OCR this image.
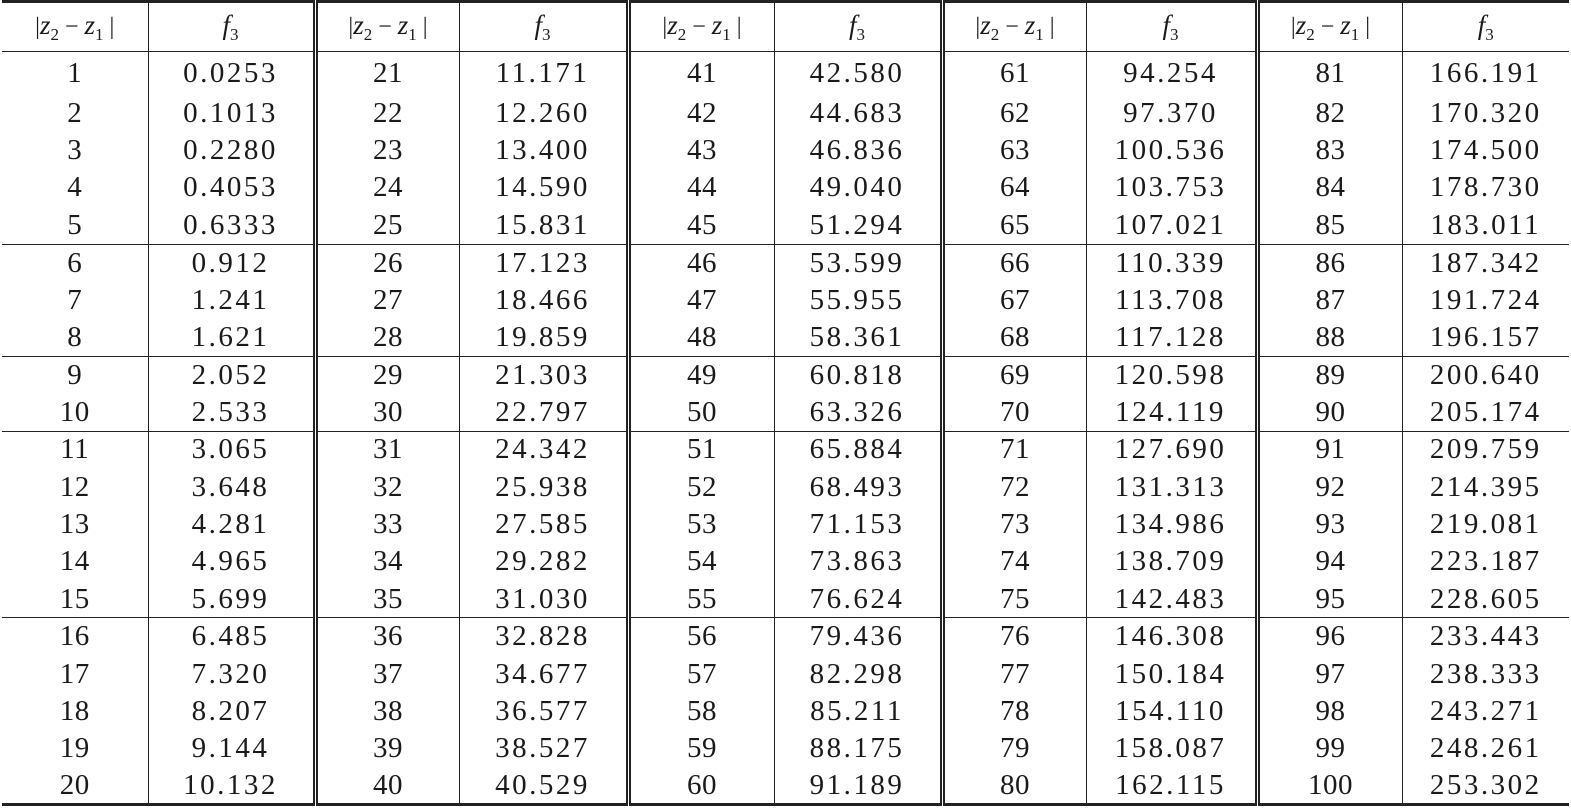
$|z_2 - z_1$ |	$f_3$	$|z_2 - z_1$ |	$f_3$	$|z_2 - z_1$ |	$f_3$	$|z_2 - z_1$ |	$f_3$	$|z_2 - z_1$ |	$f_3$
1	0.0253	21	11.171	41	42.580	61	94.254	81	166.191
2	0.1013	22	12.260	42	44.683	62	97.370	82	170.320
3	0.2280	23	13.400	43	46.836	63	100.536	83	174.500
4	0.4053	24	14.590	44	49.040	64	103.753	84	178.730
5	0.6333	25	15.831	45	51.294	65	107.021	85	183.011
6	0.912	26	17.123	46	53.599	66	110.339	86	187.342
7	1.241	27	18.466	47	55.955	67	113.708	87	191.724
8	1.621	28	19.859	48	58.361	68	117.128	88	196.157
9	2.052	29	21.303	49	60.818	69	120.598	89	200.640
10	2.533	30	22.797	50	63.326	70	124.119	90	205.174
11	3.065	31	24.342	51	65.884	71	127.690	91	209.759
12	3.648	32	25.938	52	68.493	72	131.313	92	214.395
13	4.281	33	27.585	53	71.153	73	134.986	93	219.081
14	4.965	34	29.282	54	73.863	74	138.709	94	223.187
15	5.699	35	31.030	55	76.624	75	142.483	95	228.605
16	6.485	36	32.828	56	79.436	76	146.308	96	233.443
17	7.320	37	34.677	57	82.298	77	150.184	97	238.333
18	8.207	38	36.577	58	85.211	78	154.110	98	243.271
19	9.144	39	38.527	59	88.175	79	158.087	99	248.261
20	10.132	40	40.529	60	91.189	80	162.115	100	253.302
